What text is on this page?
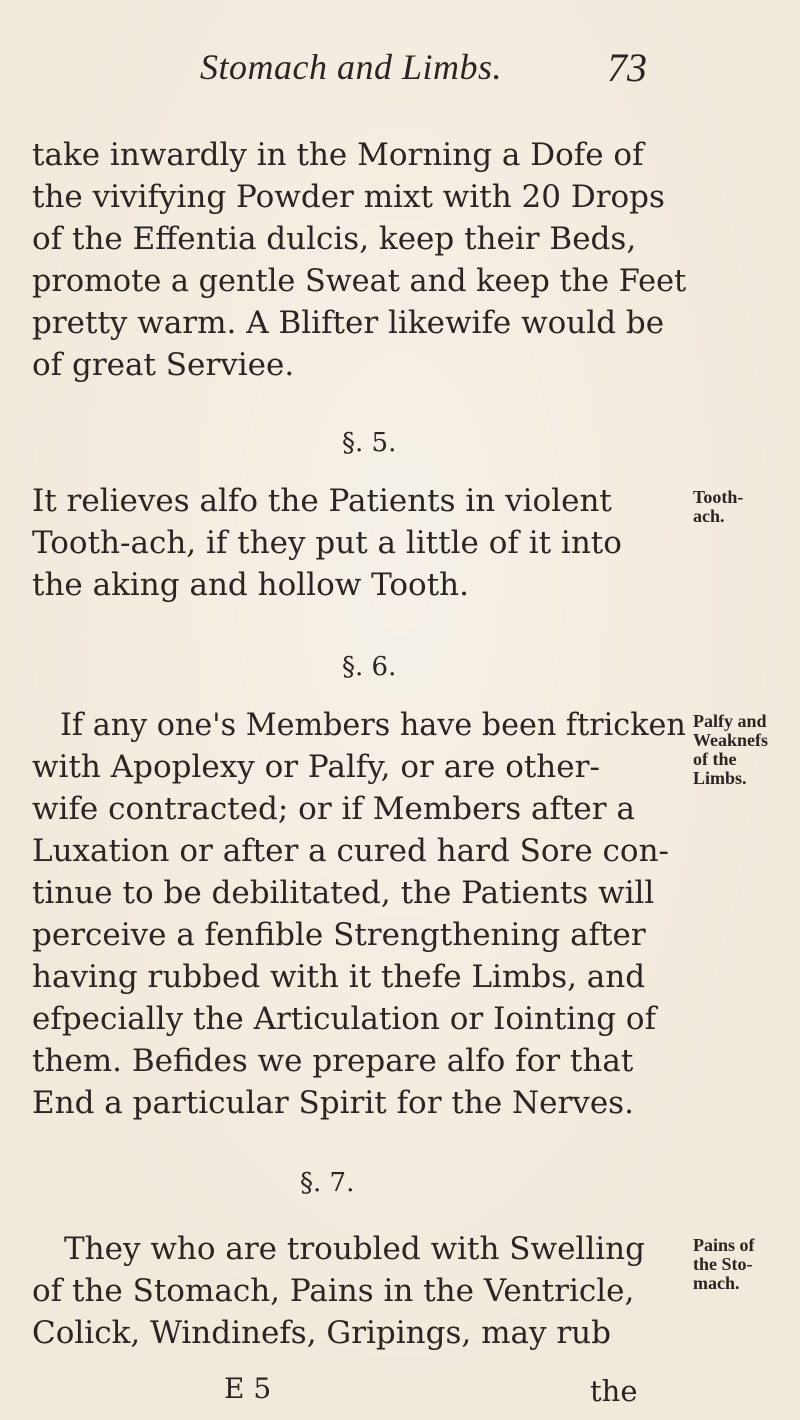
Stomach and Limbs.	73
take inwardly in the Morning a Dofe of
the vivifying Powder mixt with 20 Drops
of the Effentia dulcis, keep their Beds,
promote a gentle Sweat and keep the Feet
pretty warm. A Blifter likewife would be
of great Serviee.
§. 5.
It relieves alfo the Patients in violent
Tooth-ach, if they put a little of it into
the aking and hollow Tooth.
Tooth-
ach.
§. 6.
If any one's Members have been ftricken
with Apoplexy or Palfy, or are other-
wife contracted; or if Members after a
Luxation or after a cured hard Sore con-
tinue to be debilitated, the Patients will
perceive a fenfible Strengthening after
having rubbed with it thefe Limbs, and
efpecially the Articulation or Iointing of
them. Befides we prepare alfo for that
End a particular Spirit for the Nerves.
Palfy and
Weaknefs
of the
Limbs.
§. 7.
They who are troubled with Swelling
of the Stomach, Pains in the Ventricle,
Colick, Windinefs, Gripings, may rub
Pains of
the Sto-
mach.
E 5	the
